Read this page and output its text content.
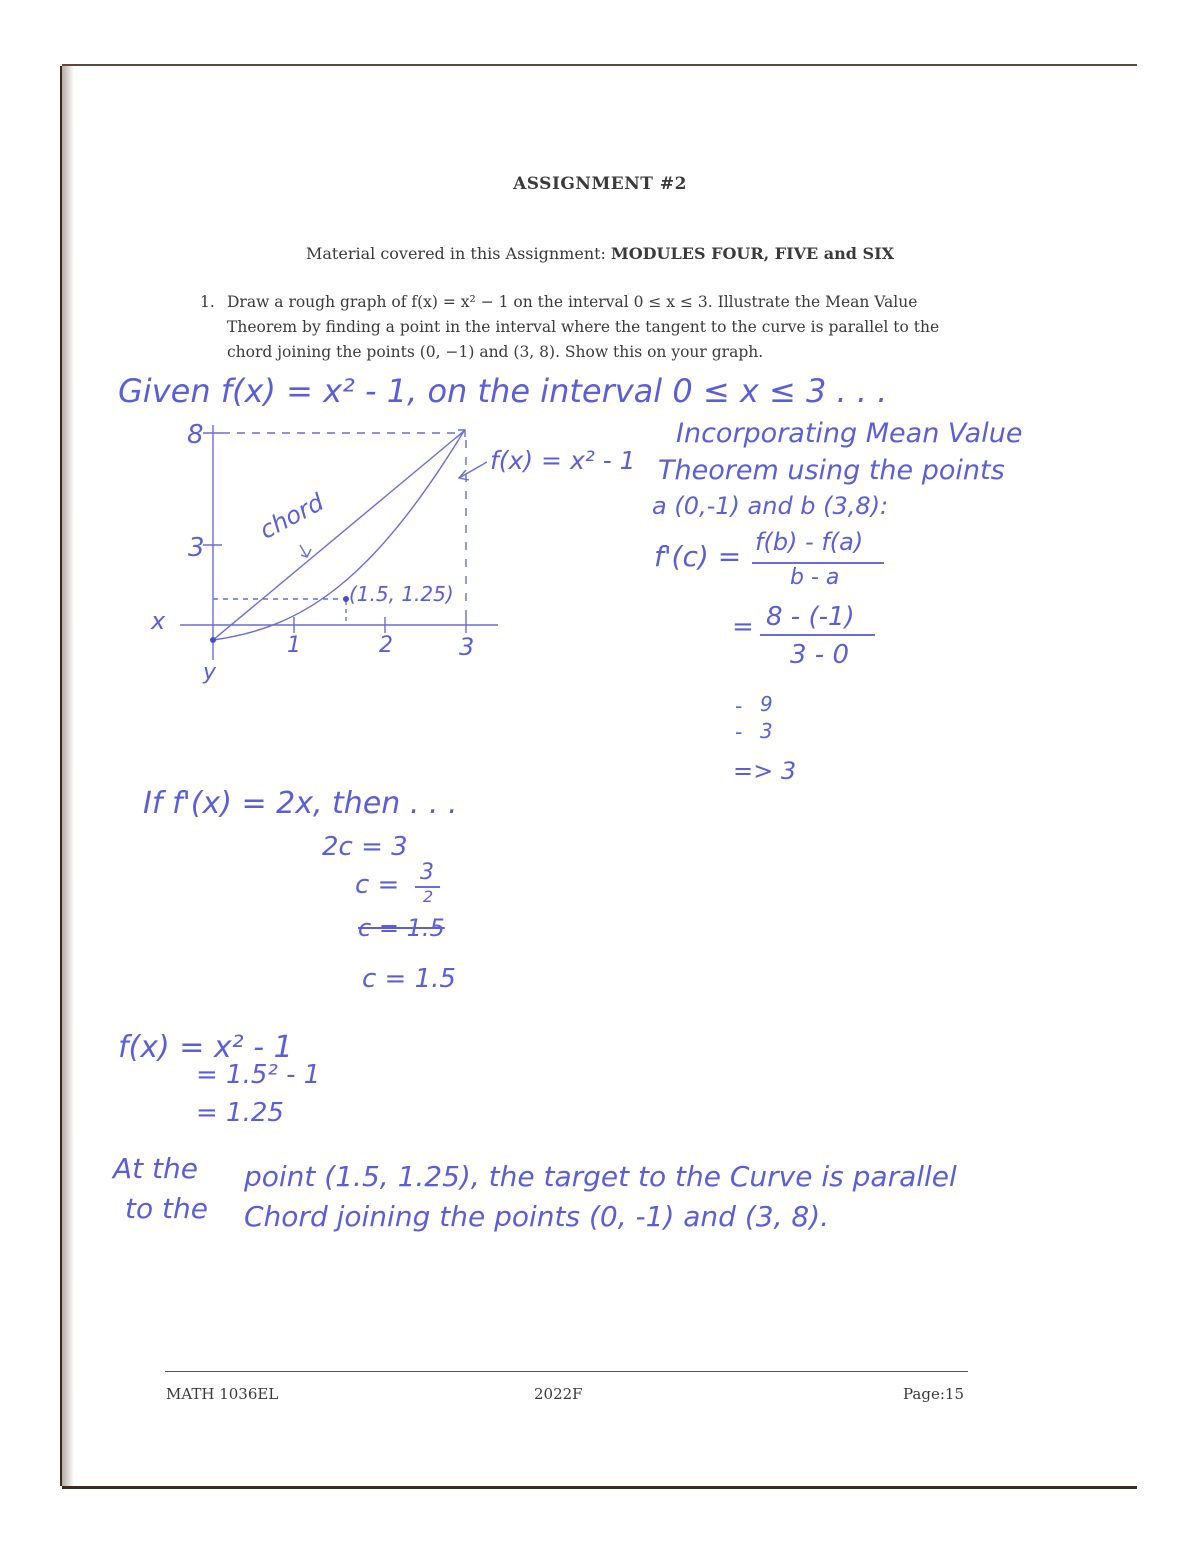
ASSIGNMENT #2
Material covered in this Assignment: MODULES FOUR, FIVE and SIX
1. Draw a rough graph of f(x) = x² − 1 on the interval 0 ≤ x ≤ 3. Illustrate the Mean Value
Theorem by finding a point in the interval where the tangent to the curve is parallel to the
chord joining the points (0, −1) and (3, 8). Show this on your graph.
8
3
1	2	3
x
y
chord
(1.5, 1.25)
f(x) = x² - 1
Given f(x) = x² - 1, on the interval 0 ≤ x ≤ 3 . . .
Incorporating Mean Value
Theorem using the points
a (0,-1) and b (3,8):
f'(c) = f(b) - f(a)
b - a
= 8 - (-1)
3 - 0
- 9
- 3
=> 3
If f'(x) = 2x, then . . .
2c = 3
c = 3
2
c = 1.5
c = 1.5
f(x) = x² - 1
= 1.5² - 1
= 1.25
At the point (1.5, 1.25), the target to the Curve is parallel
to the Chord joining the points (0, -1) and (3, 8).
MATH 1036EL	2022F	Page:15
